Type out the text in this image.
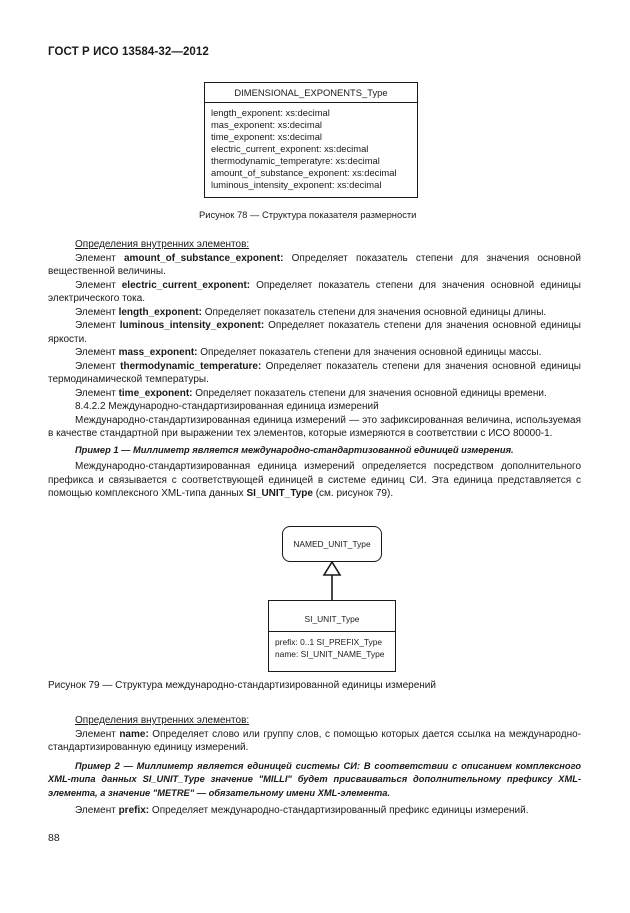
ГОСТ Р ИСО 13584-32—2012
DIMENSIONAL_EXPONENTS_Type
length_exponent: xs:decimal
mas_exponent: xs:decimal
time_exponent: xs:decimal
electric_current_exponent: xs:decimal
thermodynamic_temperatyre: xs:decimal
amount_of_substance_exponent: xs:decimal
luminous_intensity_exponent: xs:decimal
Рисунок 78 — Структура показателя размерности

Определения внутренних элементов:

Элемент amount_of_substance_exponent: Определяет показатель степени для значения основной вещественной величины.

Элемент electric_current_exponent: Определяет показатель степени для значения основной единицы электрического тока.

Элемент length_exponent: Определяет показатель степени для значения основной единицы длины.

Элемент luminous_intensity_exponent: Определяет показатель степени для значения основной единицы яркости.

Элемент mass_exponent: Определяет показатель степени для значения основной единицы массы.

Элемент thermodynamic_temperature: Определяет показатель степени для значения основной единицы термодинамической температуры.

Элемент time_exponent: Определяет показатель степени для значения основной единицы времени.

8.4.2.2 Международно-стандартизированная единица измерений

Международно-стандартизированная единица измерений — это зафиксированная величина, используемая в качестве стандартной при выражении тех элементов, которые измеряются в соответствии с ИСО 80000-1.

Пример 1 — Миллиметр является международно-стандартизованной единицей измерения.

Международно-стандартизированная единица измерений определяется посредством дополнительного префикса и связывается с соответствующей единицей в системе единиц СИ. Эта единица представляется с помощью комплексного XML-типа данных SI_UNIT_Type (см. рисунок 79).

NAMED_UNIT_Type
SI_UNIT_Type
prefix: 0..1 SI_PREFIX_Type
name: SI_UNIT_NAME_Type
Рисунок 79 — Структура международно-стандартизированной единицы измерений

Определения внутренних элементов:

Элемент name: Определяет слово или группу слов, с помощью которых дается ссылка на международно-стандартизированную единицу измерений.

Пример 2 — Миллиметр является единицей системы СИ: В соответствии с описанием комплексного XML-типа данных SI_UNIT_Type значение "MILLI" будет присваиваться дополнительному префиксу XML-элемента, а значение "METRE" — обязательному имени XML-элемента.

Элемент prefix: Определяет международно-стандартизированный префикс единицы измерений.

88
